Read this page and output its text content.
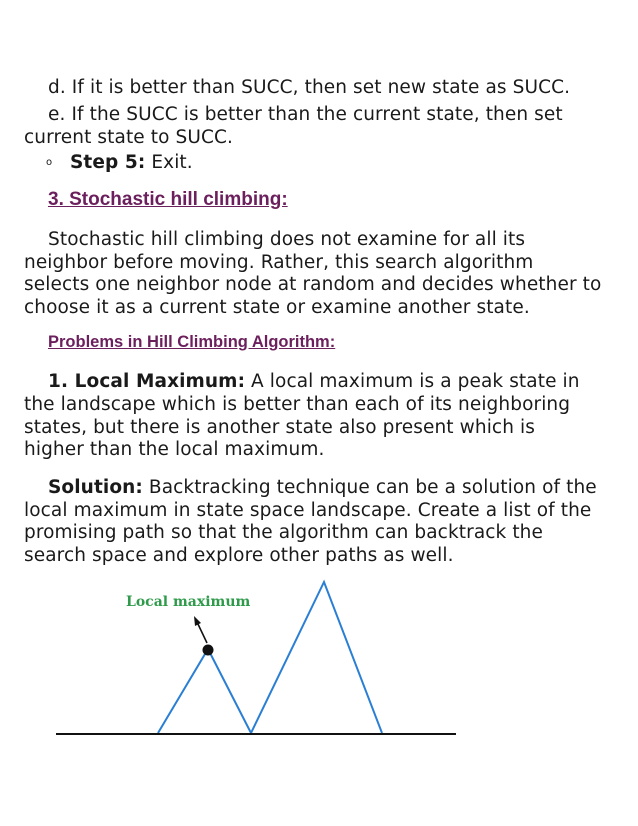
d. If it is better than SUCC, then set new state as SUCC.
e. If the SUCC is better than the current state, then set
current state to SUCC.
o Step 5: Exit.
3. Stochastic hill climbing:
Stochastic hill climbing does not examine for all its
neighbor before moving. Rather, this search algorithm
selects one neighbor node at random and decides whether to
choose it as a current state or examine another state.
Problems in Hill Climbing Algorithm:
1. Local Maximum: A local maximum is a peak state in
the landscape which is better than each of its neighboring
states, but there is another state also present which is
higher than the local maximum.
Solution: Backtracking technique can be a solution of the
local maximum in state space landscape. Create a list of the
promising path so that the algorithm can backtrack the
search space and explore other paths as well.
Local maximum
